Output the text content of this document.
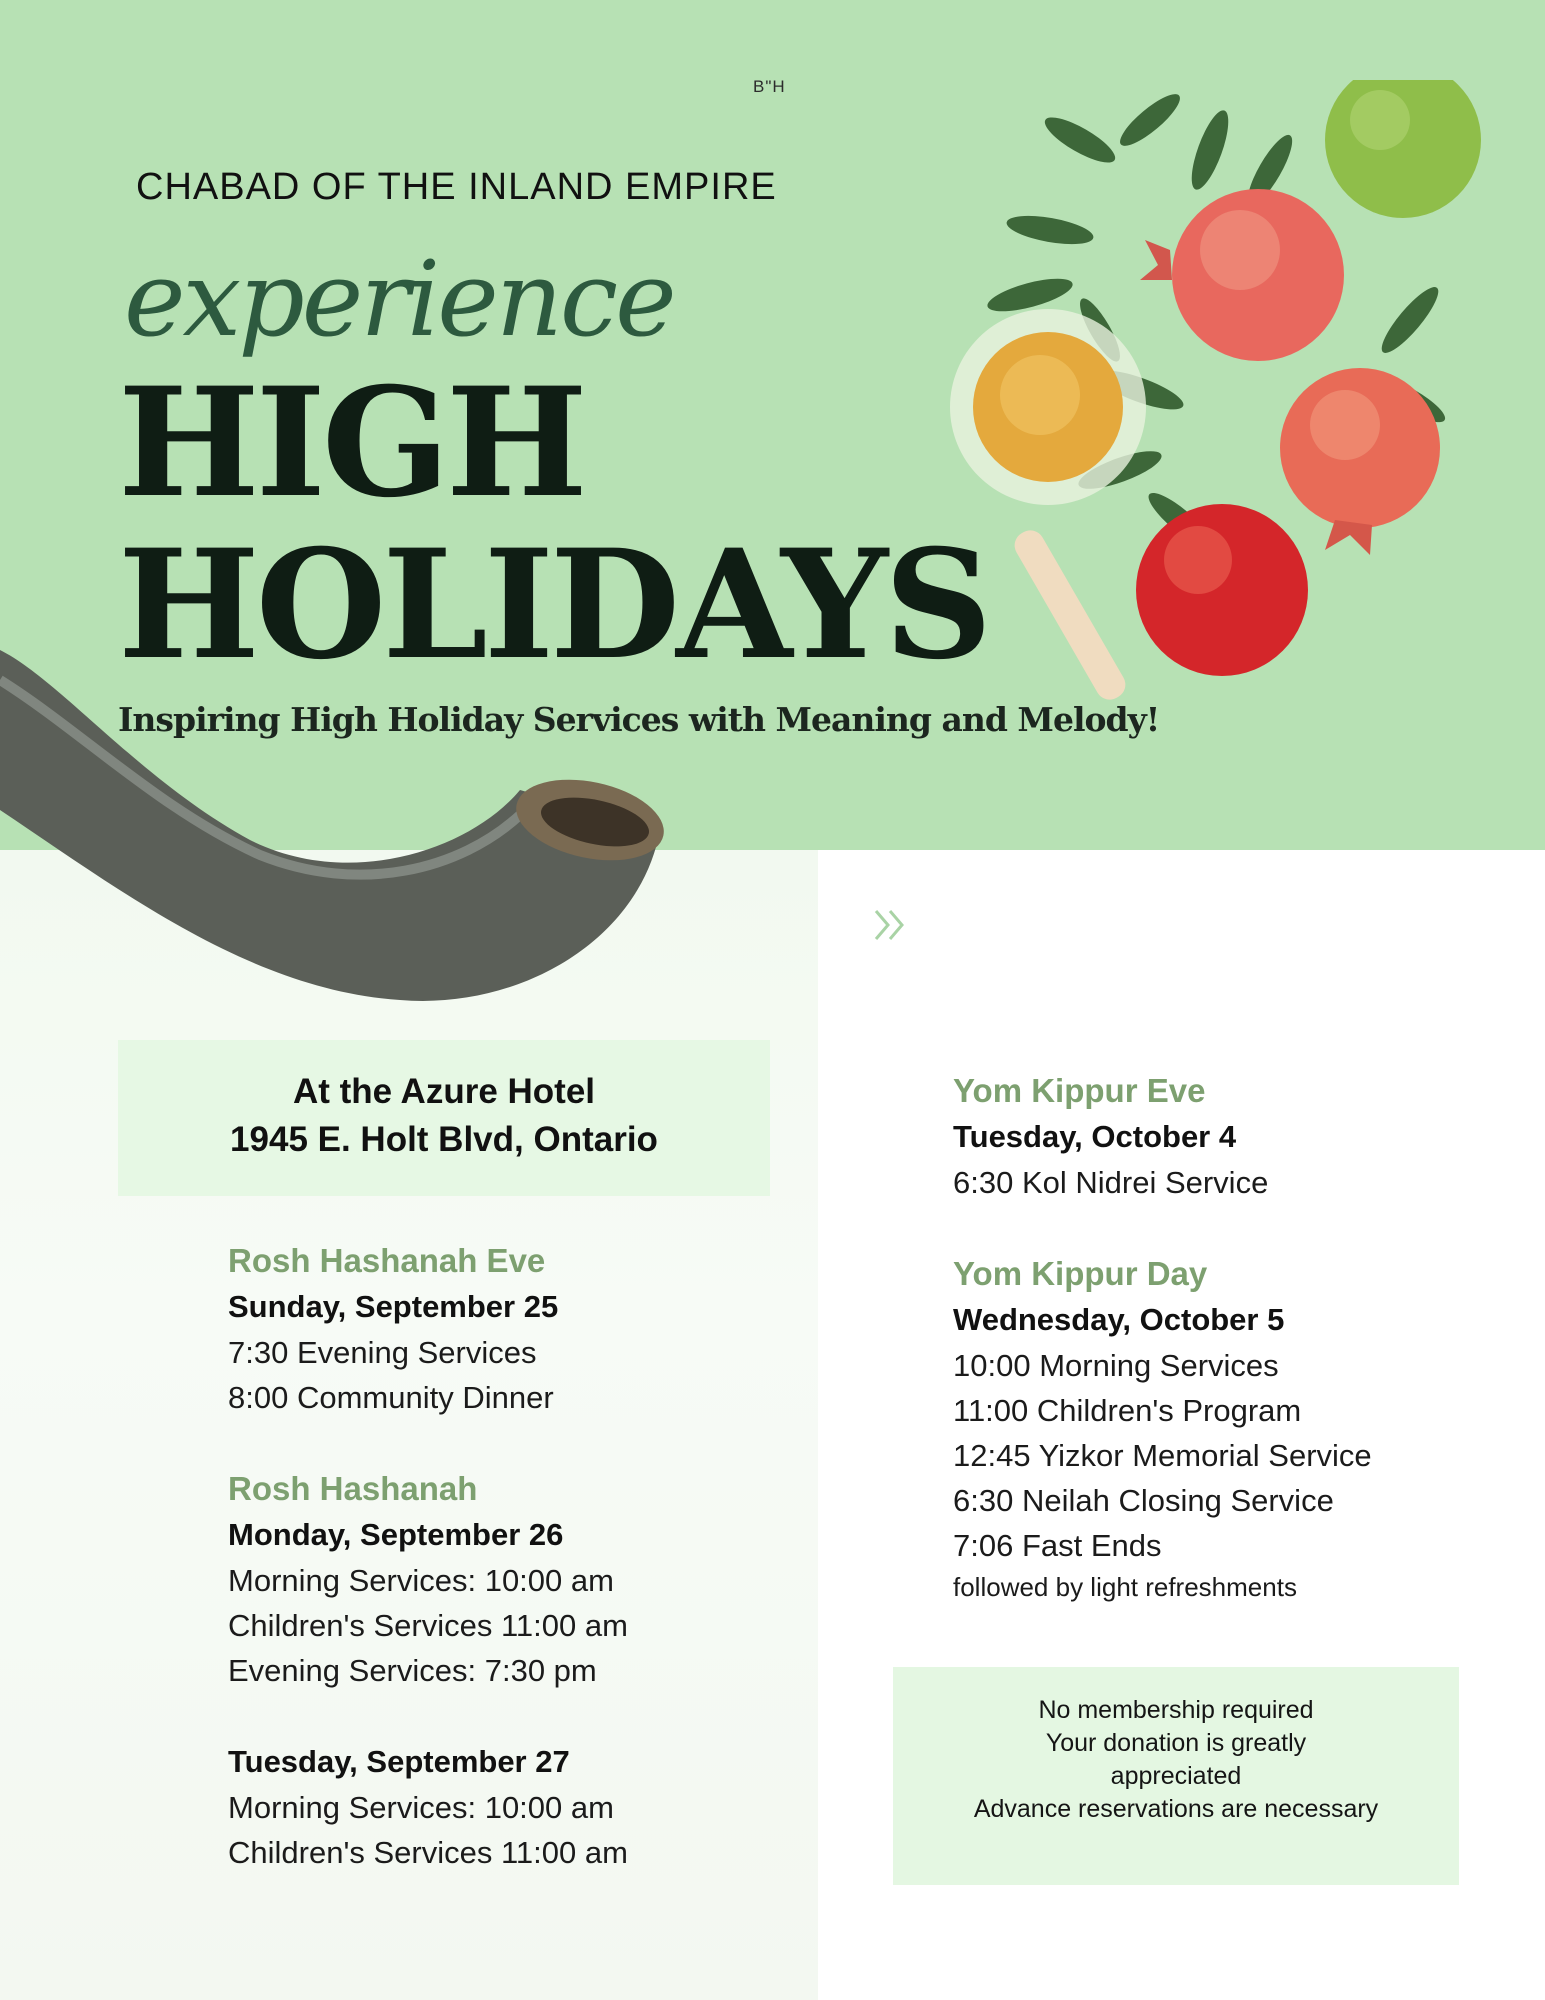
B"H
CHABAD OF THE INLAND EMPIRE
experience
HIGH
HOLIDAYS
Inspiring High Holiday Services with Meaning and Melody!
At the Azure Hotel
1945 E. Holt Blvd, Ontario
Rosh Hashanah Eve
Sunday, September 25
7:30 Evening Services
8:00 Community Dinner
Rosh Hashanah
Monday, September 26
Morning Services: 10:00 am
Children's Services 11:00 am
Evening Services: 7:30 pm
Tuesday, September 27
Morning Services: 10:00 am
Children's Services 11:00 am
Yom Kippur Eve
Tuesday, October 4
6:30 Kol Nidrei Service
Yom Kippur Day
Wednesday, October 5
10:00 Morning Services
11:00 Children's Program
12:45 Yizkor Memorial Service
6:30 Neilah Closing Service
7:06 Fast Ends
followed by light refreshments
No membership required
Your donation is greatly
appreciated
Advance reservations are necessary
